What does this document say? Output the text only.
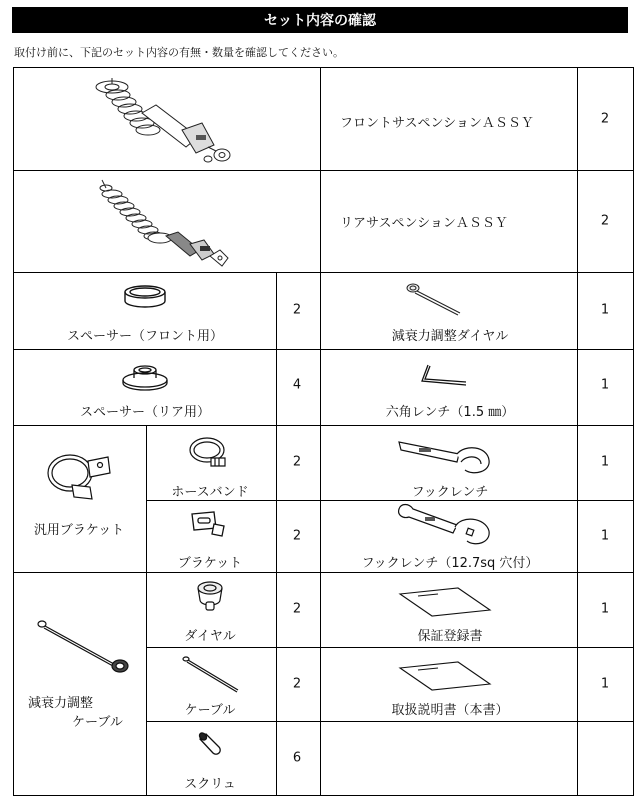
セット内容の確認
取付け前に、下記のセット内容の有無・数量を確認してください。
フロントサスペンションＡＳＳＹ	2
リアサスペンションＡＳＳＹ	2
スペーサー（フロント用）
2
減衰力調整ダイヤル
1
スペーサー（リア用）
4
六角レンチ（1.5 ㎜）
1
汎用ブラケット
ホースバンド
2
フックレンチ
1
ブラケット
2
フックレンチ（12.7sq 穴付）
1
減衰力調整
ケーブル
ダイヤル
2
保証登録書
1
ケーブル
2
取扱説明書（本書）
1
スクリュ
6
